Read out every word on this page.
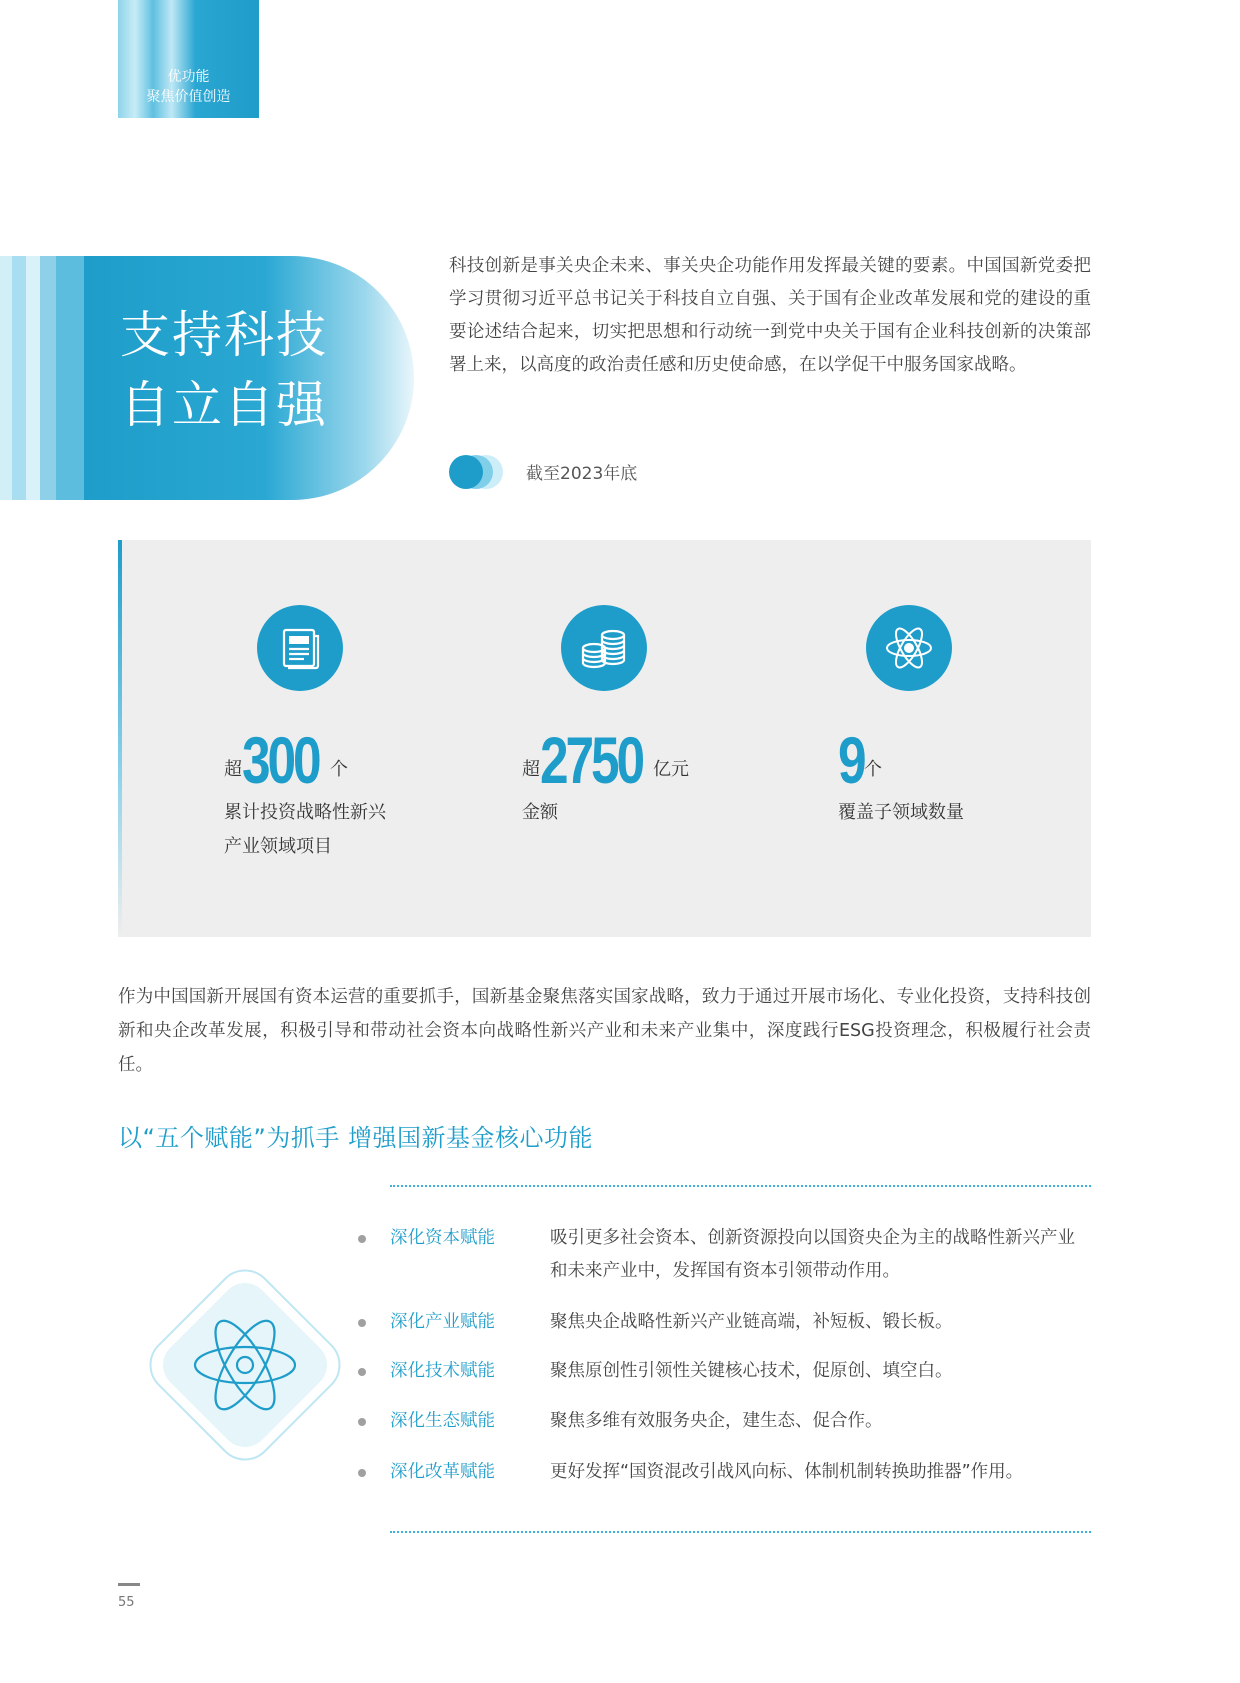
优功能
聚焦价值创造
支持科技
自立自强
科技创新是事关央企未来、事关央企功能作用发挥最关键的要素。中国国新党委把学习贯彻习近平总书记关于科技自立自强、关于国有企业改革发展和党的建设的重要论述结合起来，切实把思想和行动统一到党中央关于国有企业科技创新的决策部署上来，以高度的政治责任感和历史使命感，在以学促干中服务国家战略。
截至2023年底
超 300 个
累计投资战略性新兴
产业领域项目
超 2750 亿元
金额
9 个
覆盖子领域数量
作为中国国新开展国有资本运营的重要抓手，国新基金聚焦落实国家战略，致力于通过开展市场化、专业化投资，支持科技创新和央企改革发展，积极引导和带动社会资本向战略性新兴产业和未来产业集中，深度践行ESG投资理念，积极履行社会责任。
以“五个赋能”为抓手 增强国新基金核心功能
深化资本赋能	吸引更多社会资本、创新资源投向以国资央企为主的战略性新兴产业和未来产业中，发挥国有资本引领带动作用。
深化产业赋能	聚焦央企战略性新兴产业链高端，补短板、锻长板。
深化技术赋能	聚焦原创性引领性关键核心技术，促原创、填空白。
深化生态赋能	聚焦多维有效服务央企，建生态、促合作。
深化改革赋能	更好发挥“国资混改引战风向标、体制机制转换助推器”作用。
55
